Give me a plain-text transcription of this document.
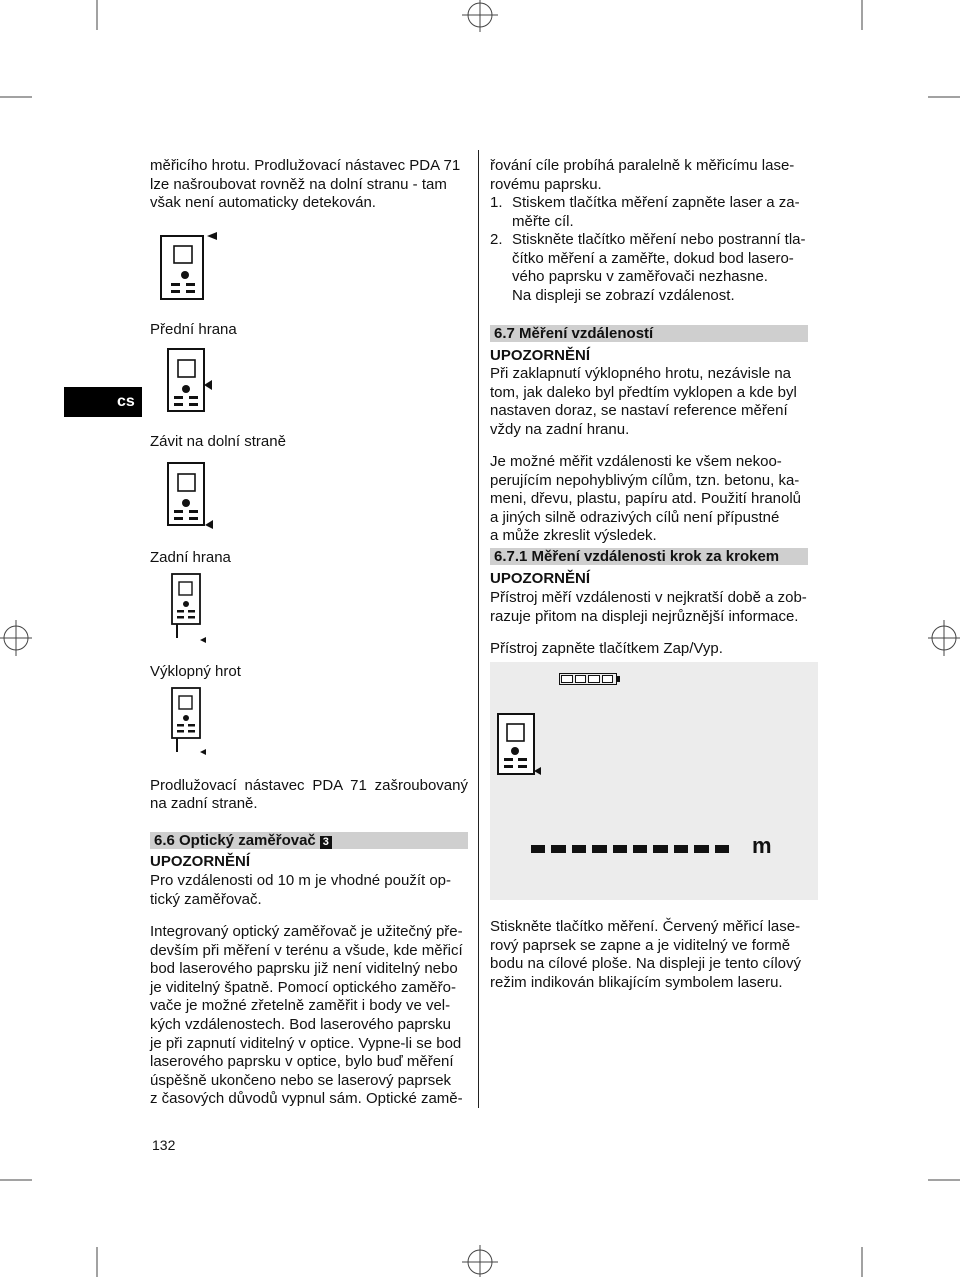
cs
měřicího hrotu. Prodlužovací nástavec PDA 71
lze našroubovat rovněž na dolní stranu - tam
však není automaticky detekován.
Přední hrana
Závit na dolní straně
Zadní hrana
Výklopný hrot
Prodlužovací nástavec PDA 71 zašroubovaný
na zadní straně.
6.6 Optický zaměřovač 3
UPOZORNĚNÍ
Pro vzdálenosti od 10 m je vhodné použít op-
tický zaměřovač.
Integrovaný optický zaměřovač je užitečný pře-
devším při měření v terénu a všude, kde měřicí
bod laserového paprsku již není viditelný nebo
je viditelný špatně. Pomocí optického zaměřo-
vače je možné zřetelně zaměřit i body ve vel-
kých vzdálenostech. Bod laserového paprsku
je při zapnutí viditelný v optice. Vypne-li se bod
laserového paprsku v optice, bylo buď měření
úspěšně ukončeno nebo se laserový paprsek
z časových důvodů vypnul sám. Optické zamě-
132
řování cíle probíhá paralelně k měřicímu lase-
rovému paprsku.
1. Stiskem tlačítka měření zapněte laser a za-
měřte cíl.
2. Stiskněte tlačítko měření nebo postranní tla-
čítko měření a zaměřte, dokud bod lasero-
vého paprsku v zaměřovači nezhasne.
Na displeji se zobrazí vzdálenost.
6.7 Měření vzdáleností
UPOZORNĚNÍ
Při zaklapnutí výklopného hrotu, nezávisle na
tom, jak daleko byl předtím vyklopen a kde byl
nastaven doraz, se nastaví reference měření
vždy na zadní hranu.
Je možné měřit vzdálenosti ke všem nekoo-
perujícím nepohyblivým cílům, tzn. betonu, ka-
meni, dřevu, plastu, papíru atd. Použití hranolů
a jiných silně odrazivých cílů není přípustné
a může zkreslit výsledek.
6.7.1 Měření vzdálenosti krok za krokem
UPOZORNĚNÍ
Přístroj měří vzdálenosti v nejkratší době a zob-
razuje přitom na displeji nejrůznější informace.
Přístroj zapněte tlačítkem Zap/Vyp.
m
Stiskněte tlačítko měření. Červený měřicí lase-
rový paprsek se zapne a je viditelný ve formě
bodu na cílové ploše. Na displeji je tento cílový
režim indikován blikajícím symbolem laseru.
